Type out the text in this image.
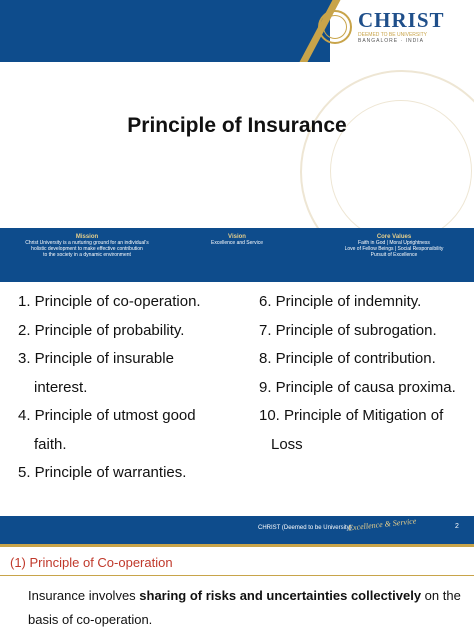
CHRIST
DEEMED TO BE UNIVERSITY
BANGALORE · INDIA
Principle of Insurance
Mission
Christ University is a nurturing ground for an individual's
holistic development to make effective contribution
to the society in a dynamic environment
Vision
Excellence and Service
Core Values
Faith in God | Moral Uprightness
Love of Fellow Beings | Social Responsibility
Pursuit of Excellence
1. Principle of co-operation.
2. Principle of probability.
3. Principle of insurable
interest.
4. Principle of utmost good
faith.
5. Principle of warranties.
6. Principle of indemnity.
7. Principle of subrogation.
8. Principle of contribution.
9. Principle of causa proxima.
10. Principle of Mitigation of
Loss
CHRIST (Deemed to be University)
Excellence & Service	2
(1) Principle of Co-operation
Insurance involves sharing of risks and uncertainties collectively on the basis of co-operation.
